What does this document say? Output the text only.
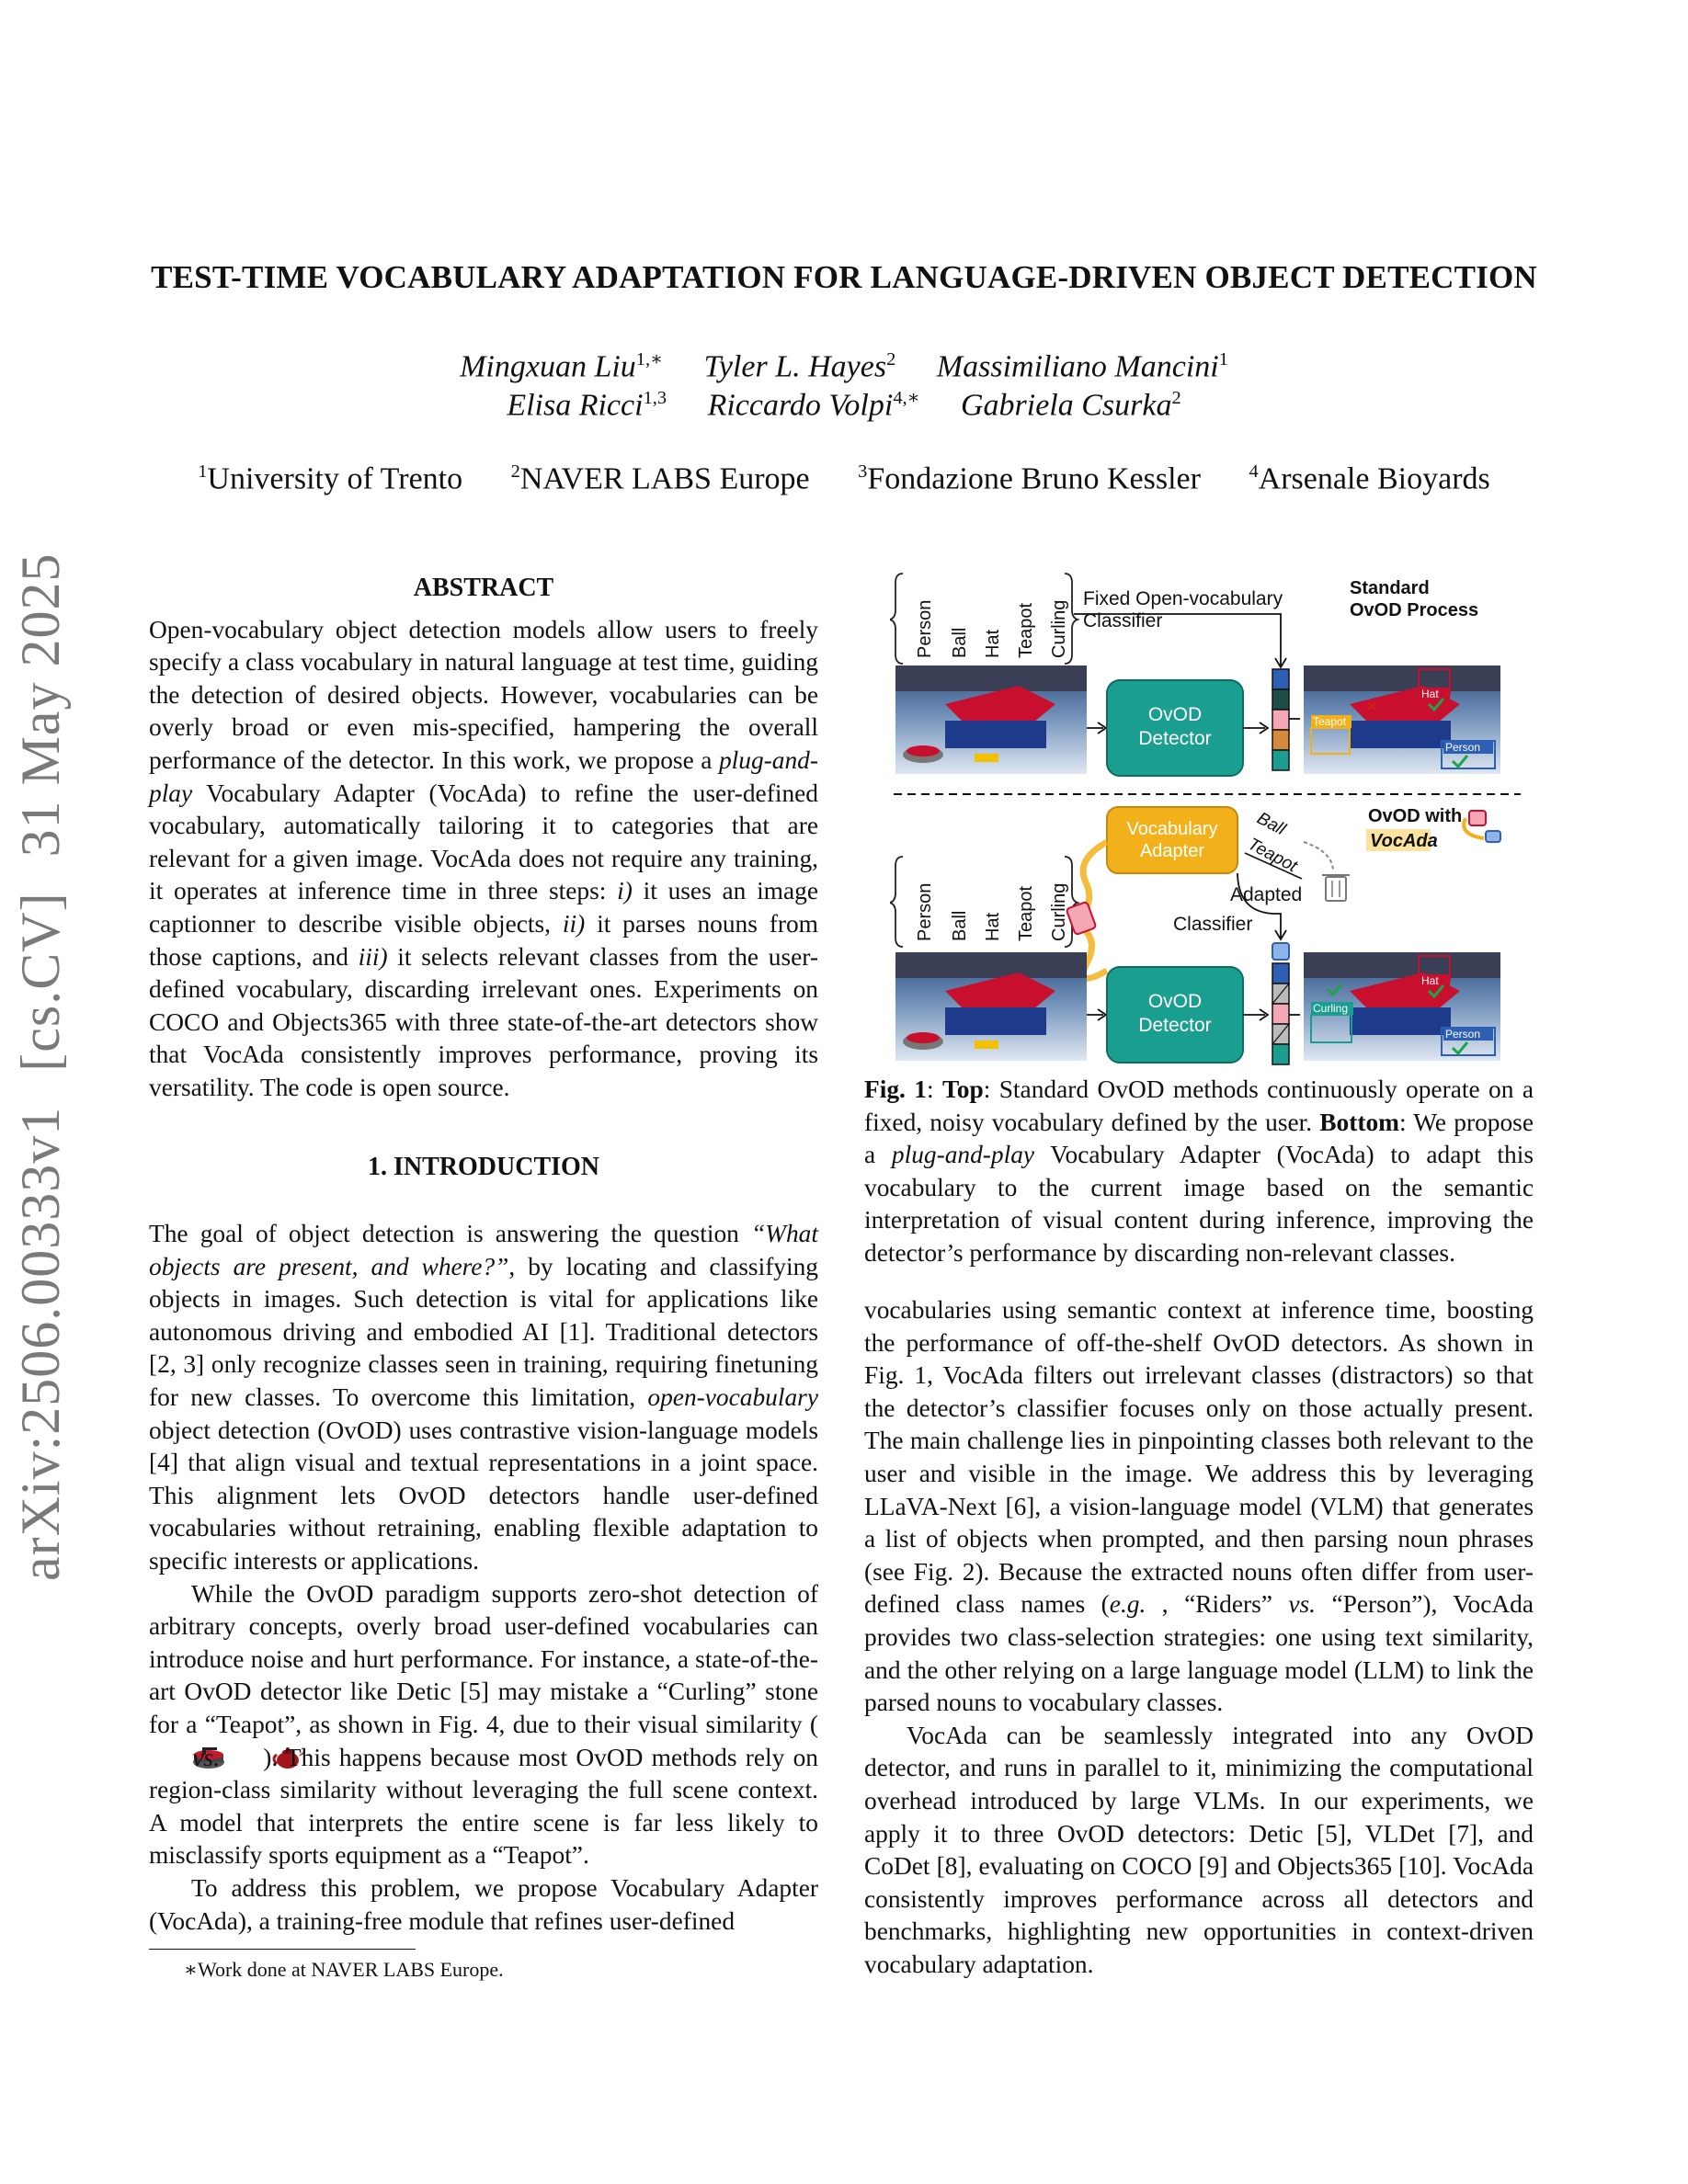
arXiv:2506.00333v1[cs.CV]31 May 2025
TEST-TIME VOCABULARY ADAPTATION FOR LANGUAGE-DRIVEN OBJECT DETECTION
Mingxuan Liu$^{1,∗}$ Tyler L. Hayes$^2$ Massimiliano Mancini$^1$
Elisa Ricci$^{1,3}$ Riccardo Volpi$^{4,∗}$ Gabriela Csurka$^2$
$^1$University of Trento	$^2$NAVER LABS Europe	$^3$Fondazione Bruno Kessler	$^4$Arsenale Bioyards
ABSTRACT

Open-vocabulary object detection models allow users to freely specify a class vocabulary in natural language at test time, guiding the detection of desired objects. However, vocabularies can be overly broad or even mis-specified, hampering the overall performance of the detector. In this work, we propose a plug-and-play Vocabulary Adapter (VocAda) to refine the user-defined vocabulary, automatically tailoring it to categories that are relevant for a given image. VocAda does not require any training, it operates at inference time in three steps: i) it uses an image captionner to describe visible objects, ii) it parses nouns from those captions, and iii) it selects relevant classes from the user-defined vocabulary, discarding irrelevant ones. Experiments on COCO and Objects365 with three state-of-the-art detectors show that VocAda consistently improves performance, proving its versatility. The code is open source.

1. INTRODUCTION

The goal of object detection is answering the question “What objects are present, and where?”, by locating and classifying objects in images. Such detection is vital for applications like autonomous driving and embodied AI [1]. Traditional detectors [2, 3] only recognize classes seen in training, requiring finetuning for new classes. To overcome this limitation, open-vocabulary object detection (OvOD) uses contrastive vision-language models [4] that align visual and textual representations in a joint space. This alignment lets OvOD detectors handle user-defined vocabularies without retraining, enabling flexible adaptation to specific interests or applications.

While the OvOD paradigm supports zero-shot detection of arbitrary concepts, overly broad user-defined vocabularies can introduce noise and hurt performance. For instance, a state-of-the-art OvOD detector like Detic [5] may mistake a “Curling” stone for a “Teapot”, as shown in Fig. 4, due to their visual similarity ( vs. ). This happens because most OvOD methods rely on region-class similarity without leveraging the full scene context. A model that interprets the entire scene is far less likely to misclassify sports equipment as a “Teapot”.

To address this problem, we propose Vocabulary Adapter (VocAda), a training-free module that refines user-defined

∗Work done at NAVER LABS Europe.
Person Ball Hat Teapot Curling
Fixed Open-vocabulary
Classifier
Standard
OvOD Process
OvOD
Detector
Hat
Teapot
Person
OvOD with
VocAda
Vocabulary
Adapter
Ball
Teapot
Adapted
Classifier
Person Ball Hat Teapot Curling
OvOD
Detector
Hat
Curling
Person
Fig. 1: Top: Standard OvOD methods continuously operate on a fixed, noisy vocabulary defined by the user. Bottom: We propose a plug-and-play Vocabulary Adapter (VocAda) to adapt this vocabulary to the current image based on the semantic interpretation of visual content during inference, improving the detector’s performance by discarding non-relevant classes.

vocabularies using semantic context at inference time, boosting the performance of off-the-shelf OvOD detectors. As shown in Fig. 1, VocAda filters out irrelevant classes (distractors) so that the detector’s classifier focuses only on those actually present. The main challenge lies in pinpointing classes both relevant to the user and visible in the image. We address this by leveraging LLaVA-Next [6], a vision-language model (VLM) that generates a list of objects when prompted, and then parsing noun phrases (see Fig. 2). Because the extracted nouns often differ from user-defined class names (e.g. , “Riders” vs. “Person”), VocAda provides two class-selection strategies: one using text similarity, and the other relying on a large language model (LLM) to link the parsed nouns to vocabulary classes.

VocAda can be seamlessly integrated into any OvOD detector, and runs in parallel to it, minimizing the computational overhead introduced by large VLMs. In our experiments, we apply it to three OvOD detectors: Detic [5], VLDet [7], and CoDet [8], evaluating on COCO [9] and Objects365 [10]. VocAda consistently improves performance across all detectors and benchmarks, highlighting new opportunities in context-driven vocabulary adaptation.
